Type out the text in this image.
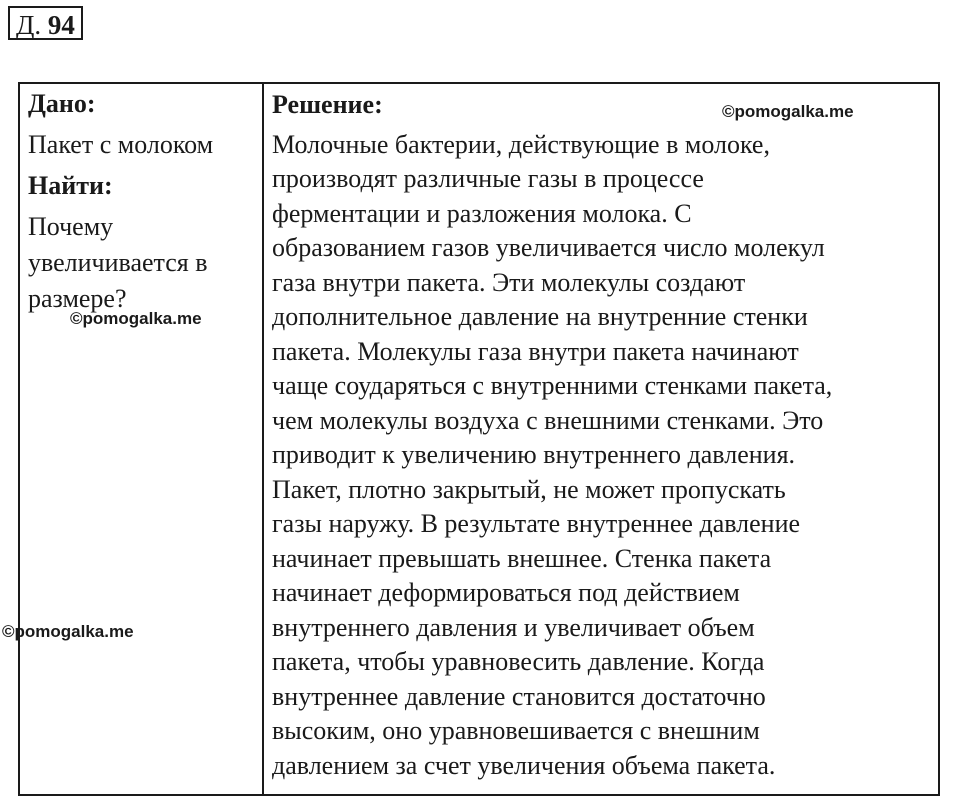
Д. 94
Дано:
Пакет с молоком
Найти:
Почему
увеличивается в
размере?
Решение:
Молочные бактерии, действующие в молоке,
производят различные газы в процессе
ферментации и разложения молока. С
образованием газов увеличивается число молекул
газа внутри пакета. Эти молекулы создают
дополнительное давление на внутренние стенки
пакета. Молекулы газа внутри пакета начинают
чаще соударяться с внутренними стенками пакета,
чем молекулы воздуха с внешними стенками. Это
приводит к увеличению внутреннего давления.
Пакет, плотно закрытый, не может пропускать
газы наружу. В результате внутреннее давление
начинает превышать внешнее. Стенка пакета
начинает деформироваться под действием
внутреннего давления и увеличивает объем
пакета, чтобы уравновесить давление. Когда
внутреннее давление становится достаточно
высоким, оно уравновешивается с внешним
давлением за счет увеличения объема пакета.
©pomogalka.me
©pomogalka.me
©pomogalka.me
